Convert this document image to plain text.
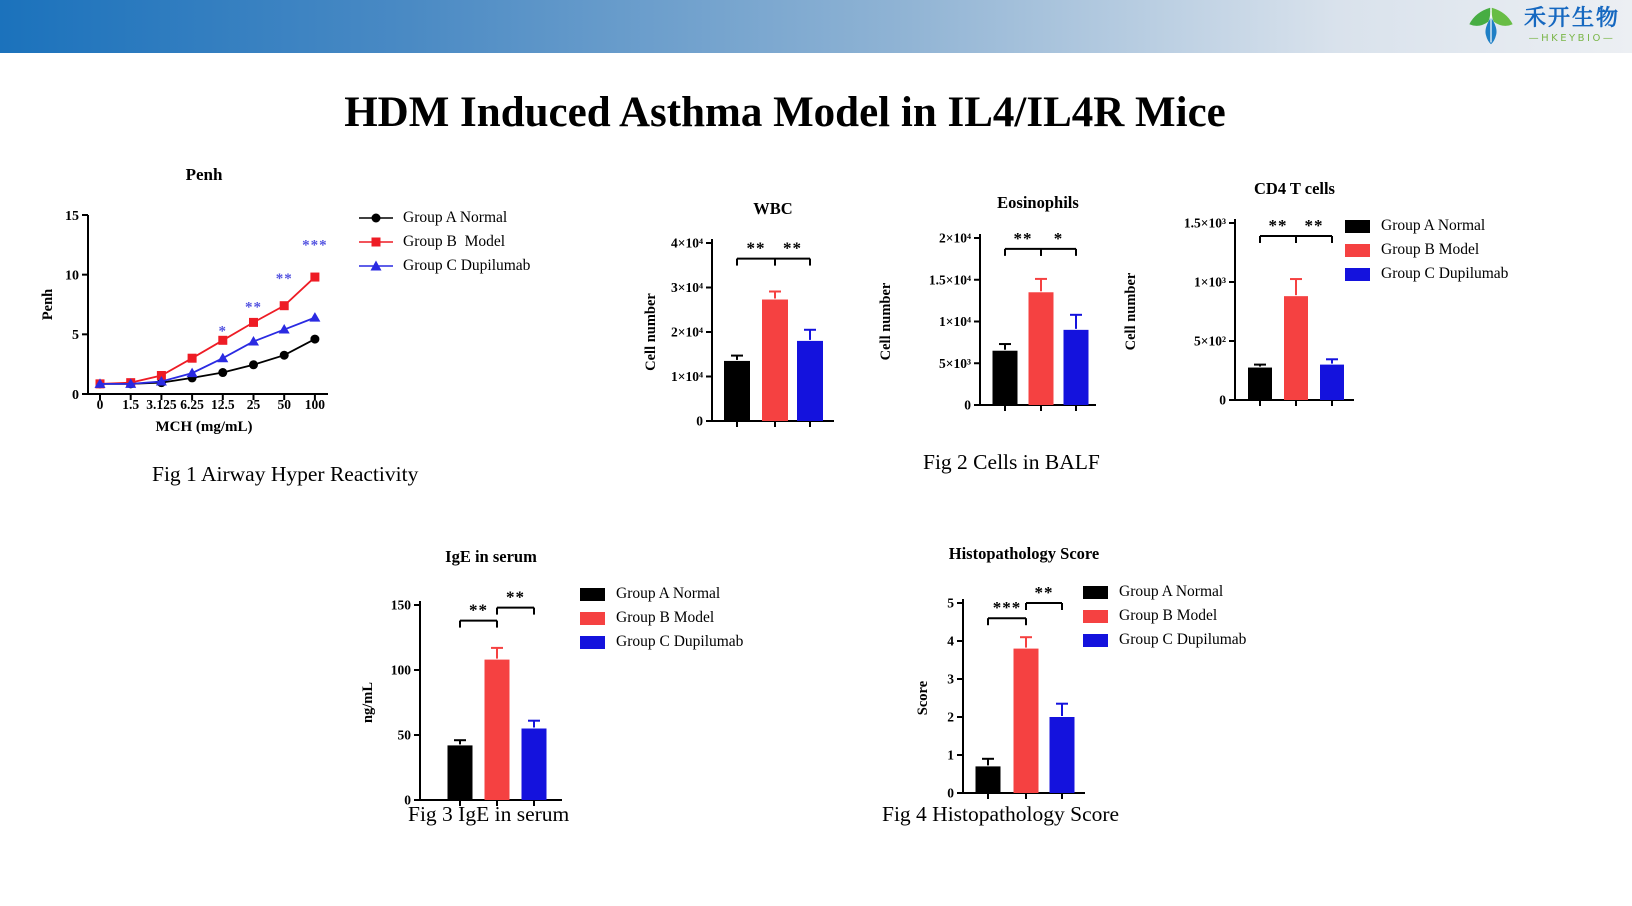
禾开生物
—HKEYBIO—
HDM Induced Asthma Model in IL4/IL4R Mice
0
5
10
15
0 1.5 3.125 6.25 12.5 25 50 100
MCH (mg/mL)
*
**
**
***
Penh
Penh
0
1×10⁴
2×10⁴
3×10⁴
4×10⁴	** **
WBC
Cell number
0
5×10³
1×10⁴
1.5×10⁴
2×10⁴	** *
Eosinophils
Cell number
0
5×10²
1×10³
1.5×10³	** **
CD4 T cells
Cell number
0
50
100
150	**
**
IgE in serum
ng/mL
0
1
2
3
4
5 ***
**
Histopathology Score
Score
Group A Normal
Group B  Model
Group C Dupilumab
Group A Normal
Group B Model
Group C Dupilumab
Group A Normal
Group B Model
Group C Dupilumab
Group A Normal
Group B Model
Group C Dupilumab
Fig 1 Airway Hyper Reactivity	Fig 2 Cells in BALF
Fig 3 IgE in serum	Fig 4 Histopathology Score
